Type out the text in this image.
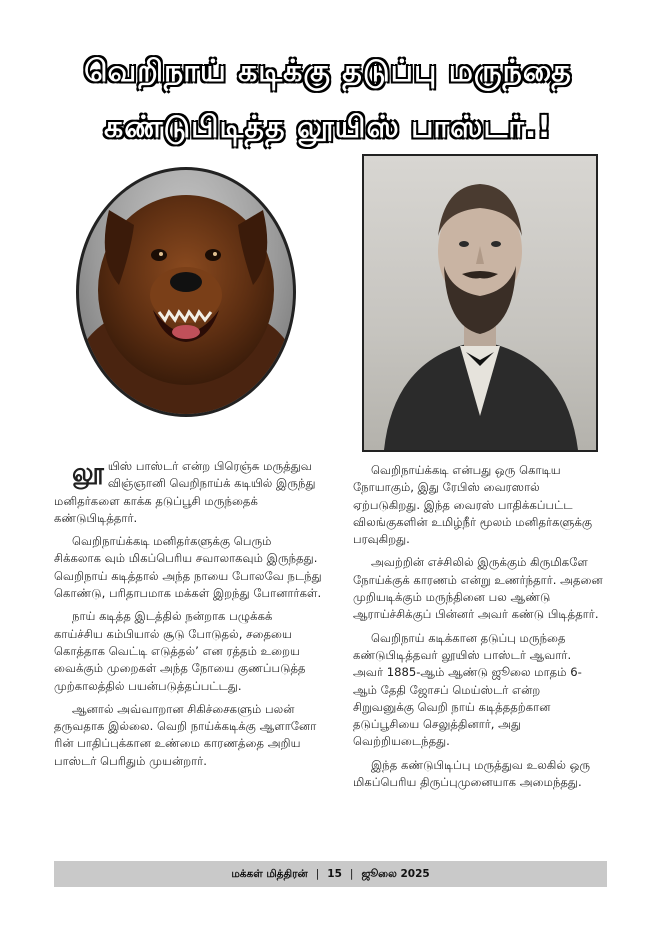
வெறிநாய் கடிக்கு தடுப்பு மருந்தை
கண்டுபிடித்த லூயிஸ் பாஸ்டர்.!

லூயிஸ் பாஸ்டர் என்ற பிரெஞ்சு மருத்துவ விஞ்ஞானி வெறிநாய்க் கடியில் இருந்து மனிதர்களை காக்க தடுப்பூசி மருந்தைக் கண்டுபிடித்தார்.

வெறிநாய்க்கடி மனிதர்களுக்கு பெரும் சிக்கலாக வும் மிகப்பெரிய சவாலாகவும் இருந்தது. வெறிநாய் கடித்தால் அந்த நாயை போலவே நடந்து கொண்டு, பரிதாபமாக மக்கள் இறந்து போனார்கள்.

நாய் கடித்த இடத்தில் நன்றாக பழுக்கக் காய்ச்சிய கம்பியால் சூடு போடுதல், சதையை கொத்தாக வெட்டி எடுத்தல்’ என ரத்தம் உறைய வைக்கும் முறைகள் அந்த நோயை குணப்படுத்த முற்காலத்தில் பயன்படுத்தப்பட்டது.

ஆனால் அவ்வாறான சிகிச்சைகளும் பலன் தருவதாக இல்லை. வெறி நாய்க்கடிக்கு ஆளானோ ரின் பாதிப்புக்கான உண்மை காரணத்தை அறிய பாஸ்டர் பெரிதும் முயன்றார்.

வெறிநாய்க்கடி என்பது ஒரு கொடிய நோயாகும், இது ரேபிஸ் வைரஸால் ஏற்படுகிறது. இந்த வைரஸ் பாதிக்கப்பட்ட விலங்குகளின் உமிழ்நீர் மூலம் மனிதர்களுக்கு பரவுகிறது.

அவற்றின் எச்சிலில் இருக்கும் கிருமிகளே நோய்க்குக் காரணம் என்று உணர்ந்தார். அதனை முறியடிக்கும் மருந்தினை பல ஆண்டு ஆராய்ச்சிக்குப் பின்னர் அவர் கண்டு பிடித்தார்.

வெறிநாய் கடிக்கான தடுப்பு மருந்தை கண்டுபிடித்தவர் லூயிஸ் பாஸ்டர் ஆவார். அவர் 1885-ஆம் ஆண்டு ஜூலை மாதம் 6-ஆம் தேதி ஜோசப் மெய்ஸ்டர் என்ற சிறுவனுக்கு வெறி நாய் கடித்ததற்கான தடுப்பூசியை செலுத்தினார், அது வெற்றியடைந்தது.

இந்த கண்டுபிடிப்பு மருத்துவ உலகில் ஒரு மிகப்பெரிய திருப்புமுனையாக அமைந்தது.

மக்கள் மித்திரன் | 15 | ஜூலை 2025
